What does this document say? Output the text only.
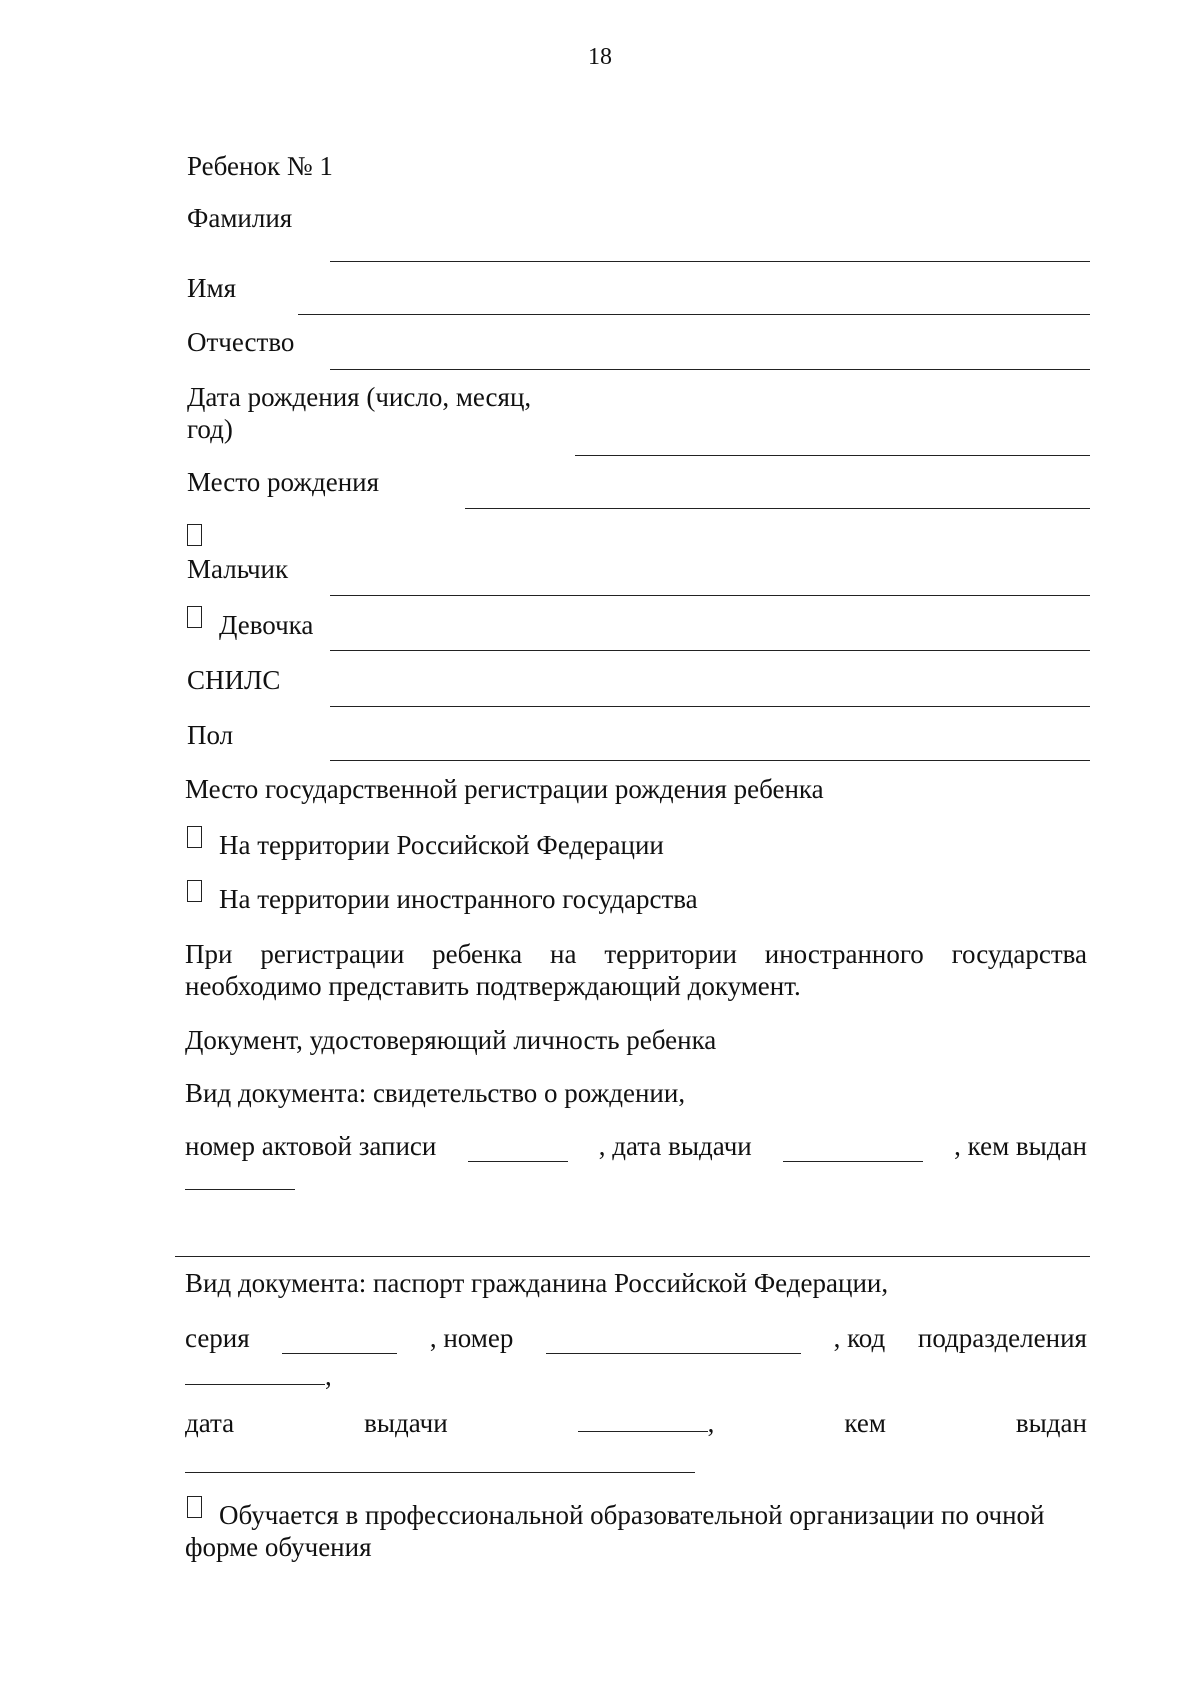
18
Ребенок № 1
Фамилия
Имя
Отчество
Дата рождения (число, месяц,
год)
Место рождения
Мальчик
Девочка
СНИЛС
Пол
Место государственной регистрации рождения ребенка
На территории Российской Федерации
На территории иностранного государства
При регистрации ребенка на территории иностранного государства необходимо представить подтверждающий документ.
Документ, удостоверяющий личность ребенка
Вид документа: свидетельство о рождении,
номер актовой записи	, дата выдачи	, кем выдан
Вид документа: паспорт гражданина Российской Федерации,
серия	, номер	, код подразделения
,
дата	выдачи	,	кем	выдан
Обучается в профессиональной образовательной организации по очной
форме обучения
